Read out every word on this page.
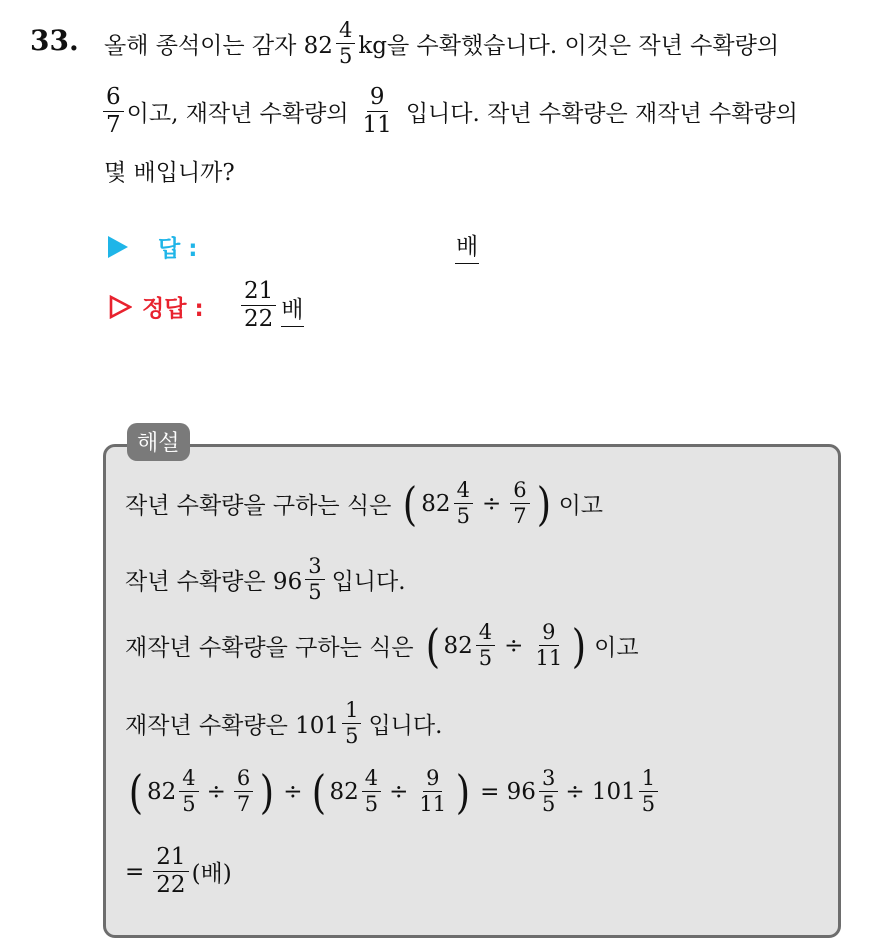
33. 올해 종석이는 감자 $82 \frac{4}{5}$ kg을 수확했습니다. 이것은 작년 수확량의
$\frac{6}{7}$ 이고, 재작년 수확량의 $\frac{9}{11}$ 입니다. 작년 수확량은 재작년 수확량의
몇 배입니까?
답 :	배
정답 : $\frac{21}{22}$ 배
해설
작년 수확량을 구하는 식은 ( $82 \frac{4}{5} \div \frac{6}{7}$ ) 이고
작년 수확량은 $96 \frac{3}{5}$ 입니다.
재작년 수확량을 구하는 식은 ( $82 \frac{4}{5} \div \frac{9}{11}$ ) 이고
재작년 수확량은 $101 \frac{1}{5}$ 입니다.
( $82 \frac{4}{5} \div \frac{6}{7}$ ) ÷ ( $82 \frac{4}{5} \div \frac{9}{11}$ ) = $96 \frac{3}{5} \div 101 \frac{1}{5}$
= $\frac{21}{22}$ (배)
